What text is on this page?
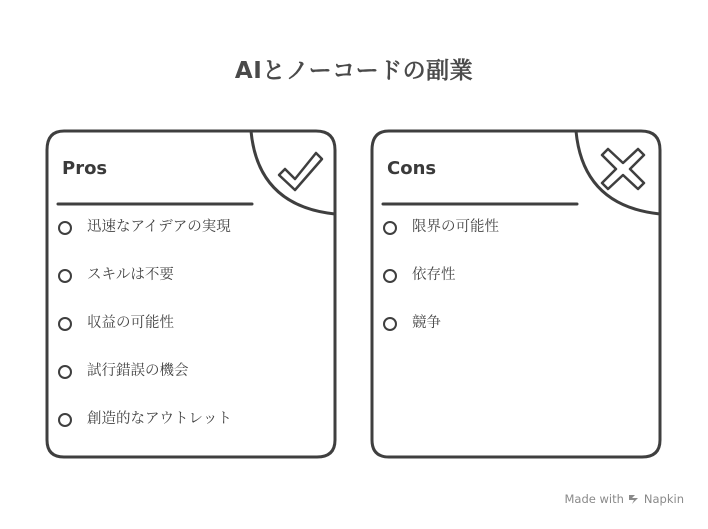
AIとノーコードの副業
Pros
迅速なアイデアの実現
スキルは不要
収益の可能性
試行錯誤の機会
創造的なアウトレット
Cons
限界の可能性
依存性
競争
Made with Napkin
